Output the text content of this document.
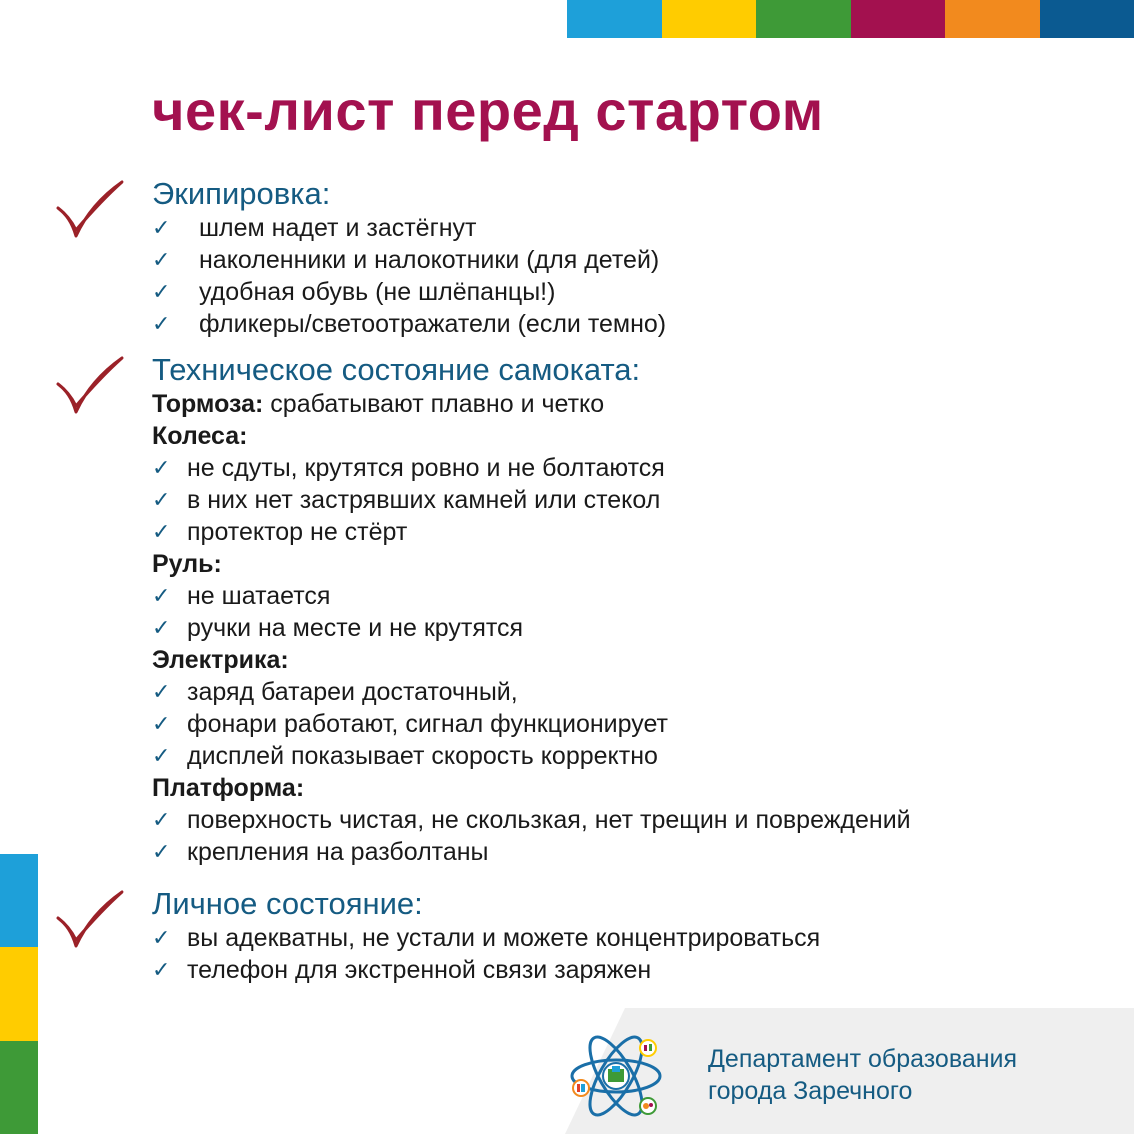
чек-лист перед стартом
Экипировка:
✓ шлем надет и застёгнут
✓ наколенники и налокотники (для детей)
✓ удобная обувь (не шлёпанцы!)
✓ фликеры/светоотражатели (если темно)
Техническое состояние самоката:
Тормоза: срабатывают плавно и четко
Колеса:
✓ не сдуты, крутятся ровно и не болтаются
✓ в них нет застрявших камней или стекол
✓ протектор не стёрт
Руль:
✓ не шатается
✓ ручки на месте и не крутятся
Электрика:
✓ заряд батареи достаточный,
✓ фонари работают, сигнал функционирует
✓ дисплей показывает скорость корректно
Платформа:
✓ поверхность чистая, не скользкая, нет трещин и повреждений
✓ крепления на разболтаны
Личное состояние:
✓ вы адекватны, не устали и можете концентрироваться
✓ телефон для экстренной связи заряжен
Департамент образования
города Заречного
